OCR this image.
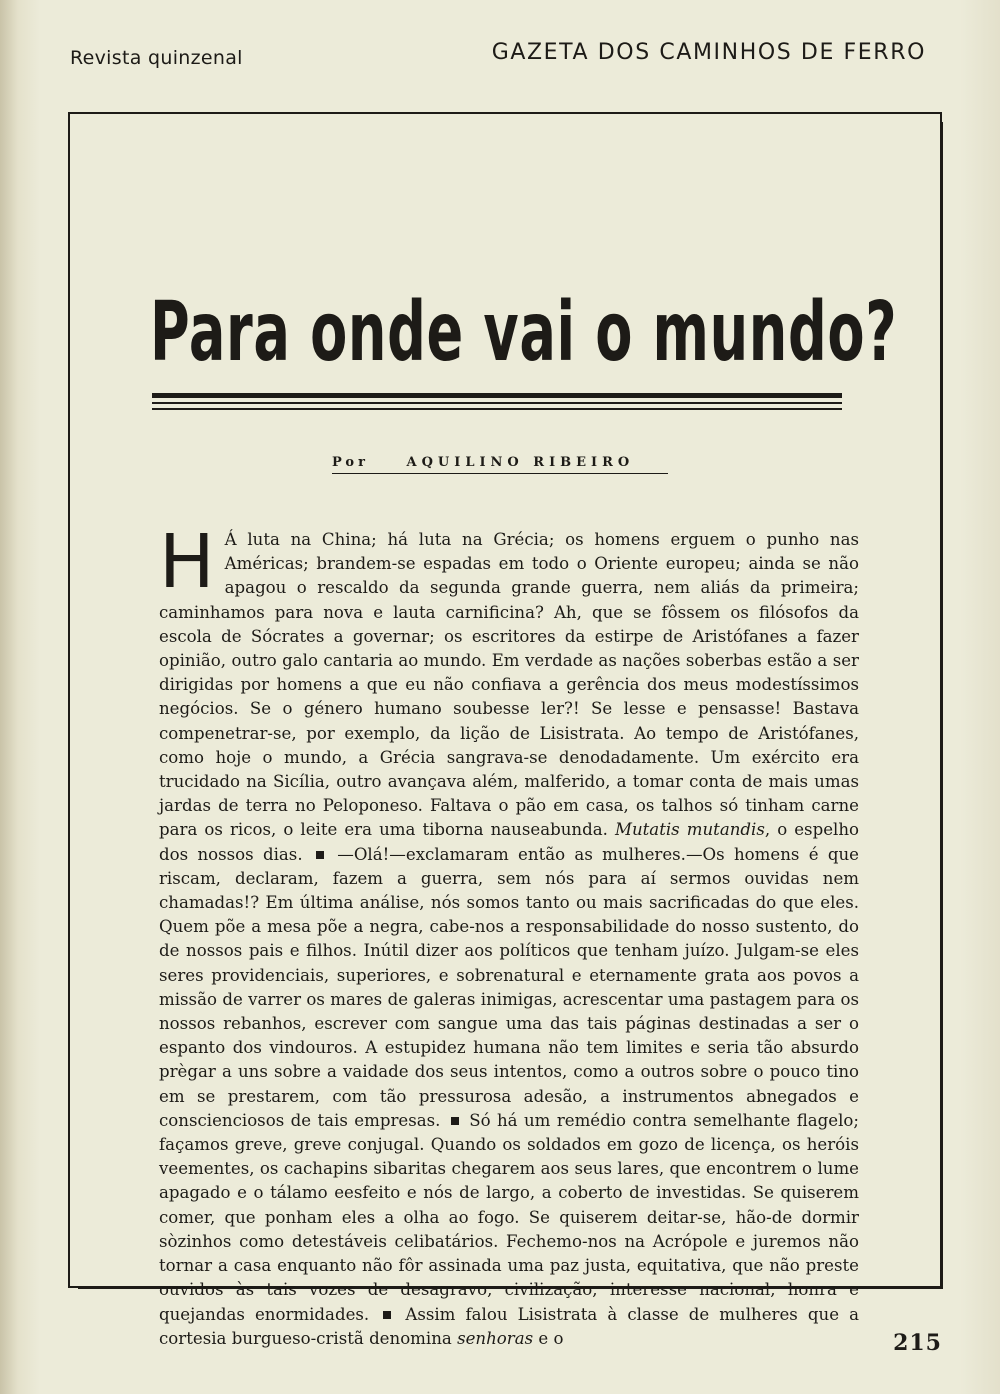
Revista quinzenal	GAZETA DOS CAMINHOS DE FERRO
Para onde vai o mundo?
Por	AQUILINO RIBEIRO
H Á luta na China; há luta na Grécia; os homens erguem o punho nas Américas; brandem-se espadas em todo o Oriente europeu; ainda se não apagou o rescaldo da segunda grande guerra, nem aliás da primeira; caminhamos para nova e lauta carnificina? Ah, que se fôssem os filósofos da escola de Sócrates a governar; os escritores da estirpe de Aristófanes a fazer opinião, outro galo cantaria ao mundo. Em verdade as nações soberbas estão a ser dirigidas por homens a que eu não confiava a gerência dos meus modestíssimos negócios. Se o género humano soubesse ler?! Se lesse e pensasse! Bastava compenetrar-se, por exemplo, da lição de Lisistrata. Ao tempo de Aristófanes, como hoje o mundo, a Grécia sangrava-se denodadamente. Um exército era trucidado na Sicília, outro avançava além, malferido, a tomar conta de mais umas jardas de terra no Peloponeso. Faltava o pão em casa, os talhos só tinham carne para os ricos, o leite era uma tiborna nauseabunda. Mutatis mutandis, o espelho dos nossos dias.  —Olá!—exclamaram então as mulheres.—Os homens é que riscam, declaram, fazem a guerra, sem nós para aí sermos ouvidas nem chamadas!? Em última análise, nós somos tanto ou mais sacrificadas do que eles. Quem põe a mesa põe a negra, cabe-nos a responsabilidade do nosso sustento, do de nossos pais e filhos. Inútil dizer aos políticos que tenham juízo. Julgam-se eles seres providenciais, superiores, e sobrenatural e eternamente grata aos povos a missão de varrer os mares de galeras inimigas, acrescentar uma pastagem para os nossos rebanhos, escrever com sangue uma das tais páginas destinadas a ser o espanto dos vindouros. A estupidez humana não tem limites e seria tão absurdo prègar a uns sobre a vaidade dos seus intentos, como a outros sobre o pouco tino em se prestarem, com tão pressurosa adesão, a instrumentos abnegados e conscienciosos de tais empresas.  Só há um remédio contra semelhante flagelo; façamos greve, greve conjugal. Quando os soldados em gozo de licença, os heróis veementes, os cachapins sibaritas chegarem aos seus lares, que encontrem o lume apagado e o tálamo eesfeito e nós de largo, a coberto de investidas. Se quiserem comer, que ponham eles a olha ao fogo. Se quiserem deitar-se, hão-de dormir sòzinhos como detestáveis celibatários. Fechemo-nos na Acrópole e juremos não tornar a casa enquanto não fôr assinada uma paz justa, equitativa, que não preste ouvidos às tais vozes de desagravo, civilização, interesse nacional, honra e quejandas enormidades.  Assim falou Lisistrata à classe de mulheres que a cortesia burgueso-cristã denomina senhoras e o	215
